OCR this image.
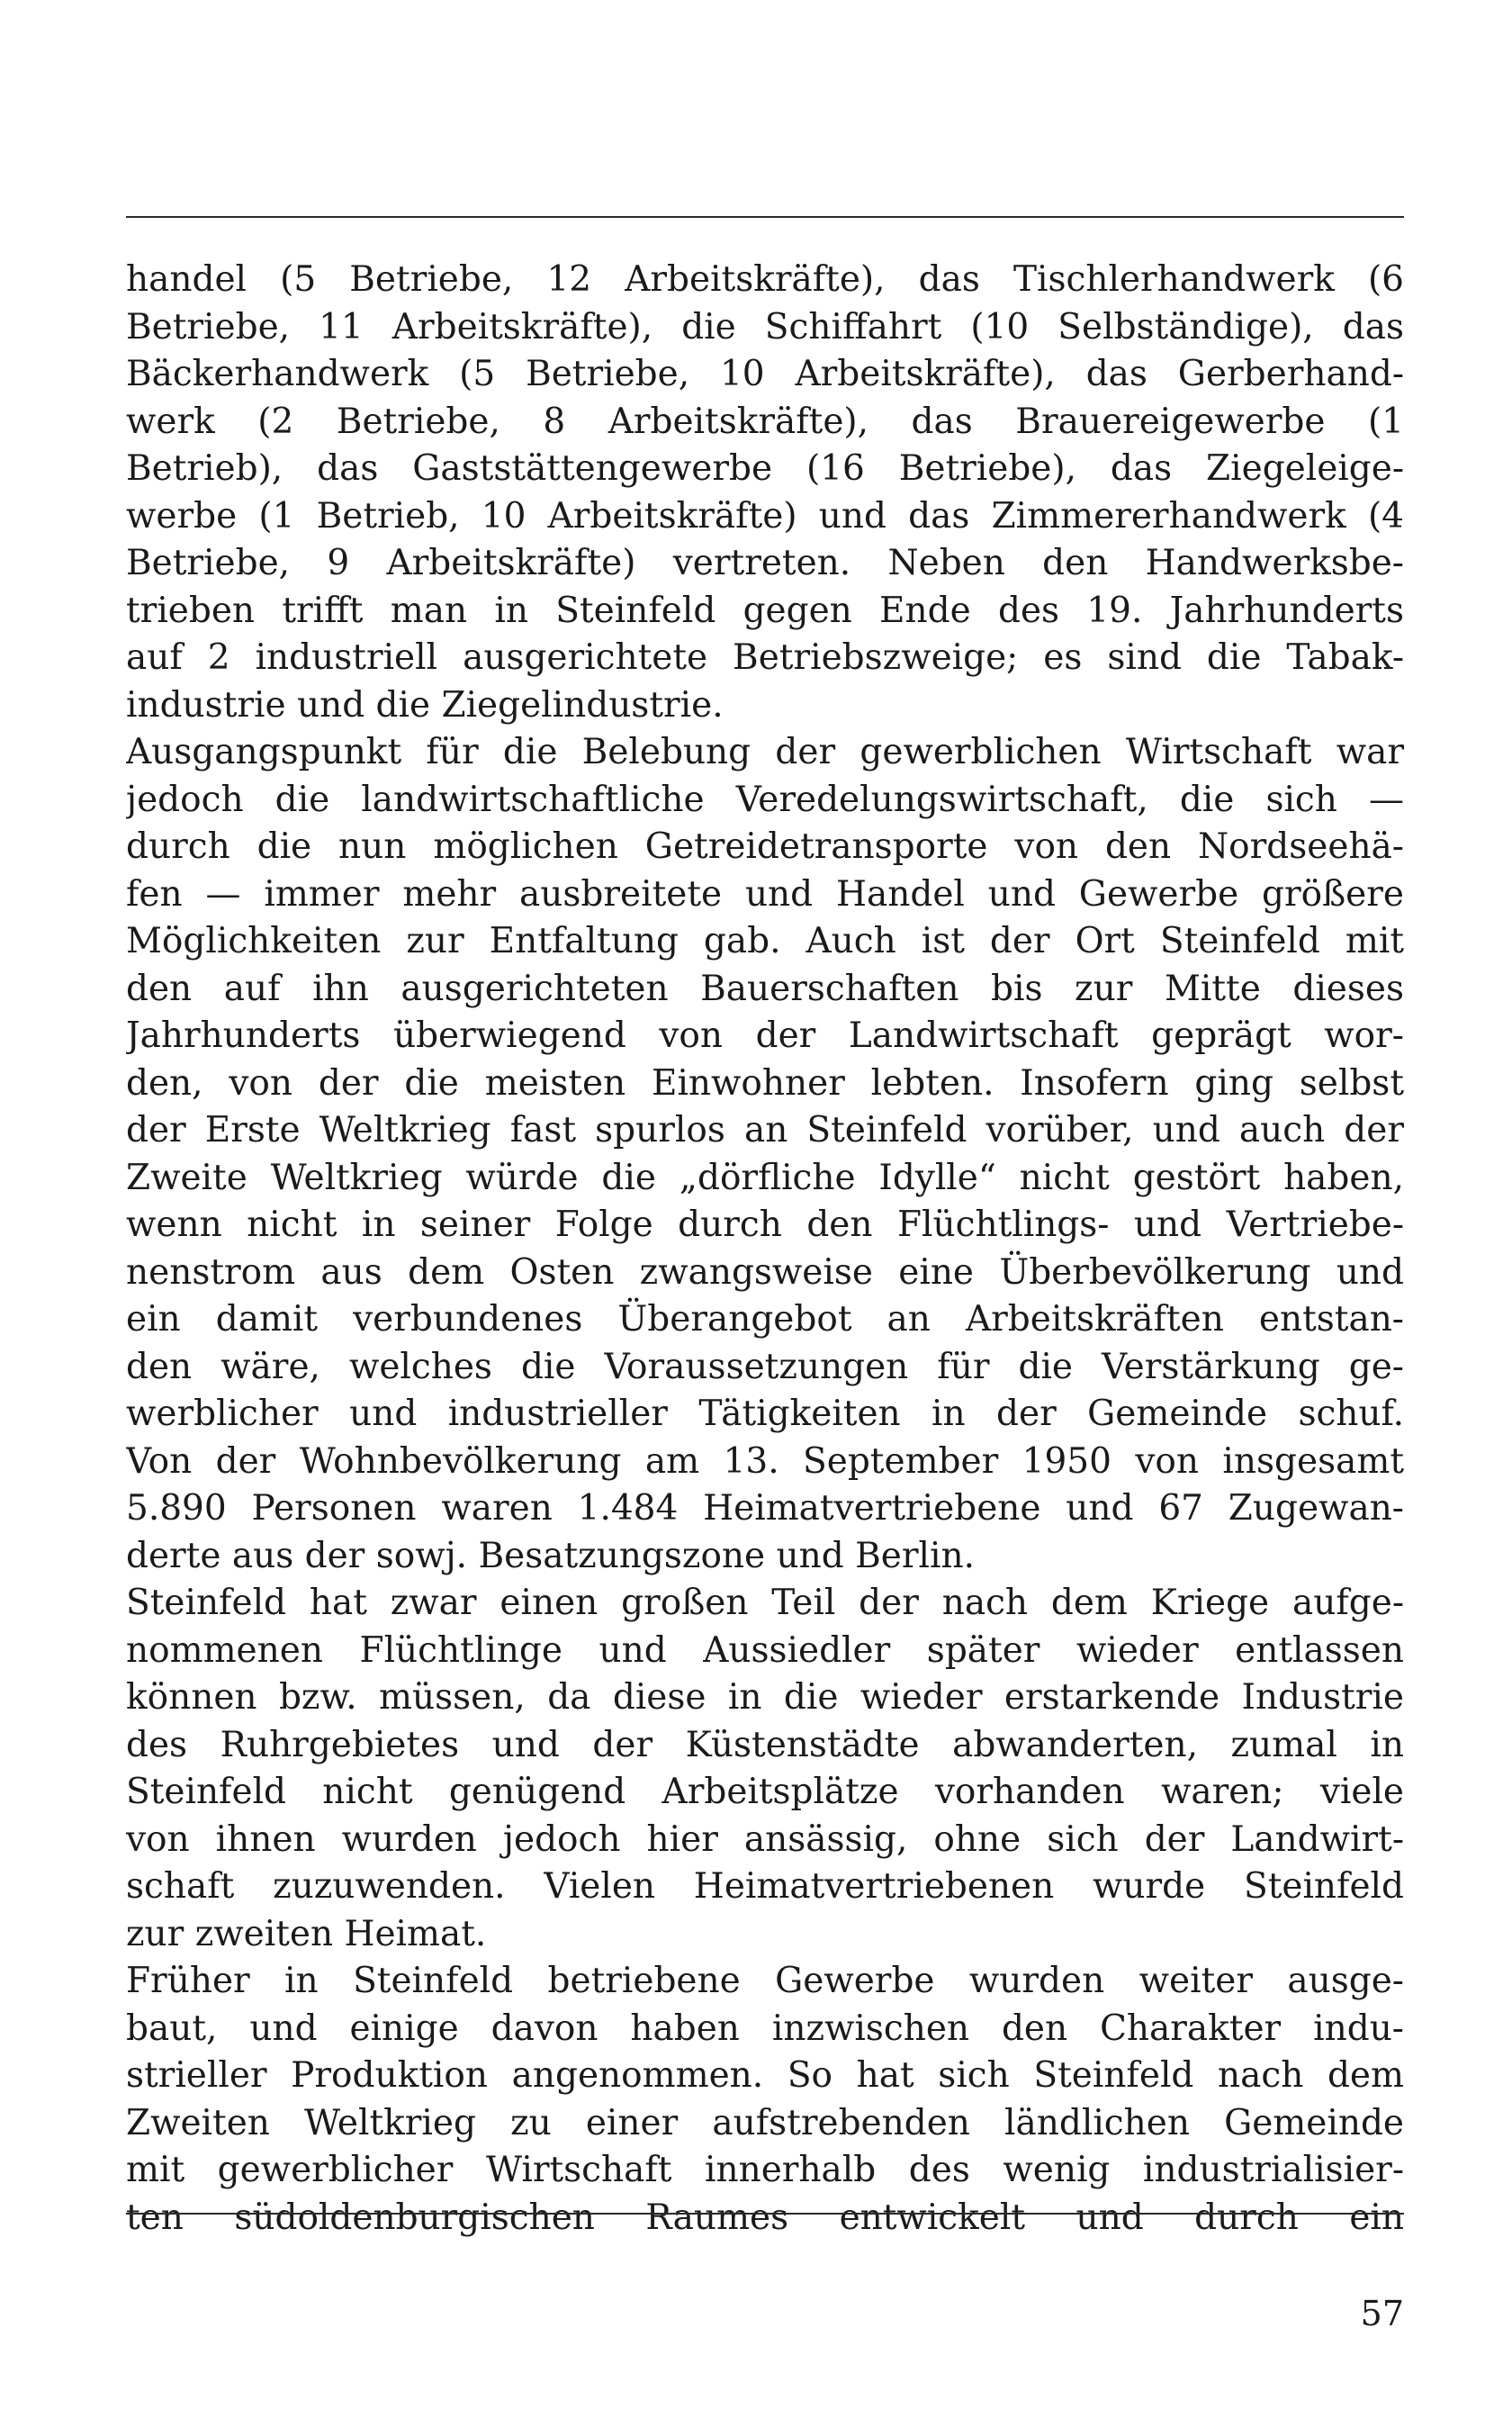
handel (5 Betriebe, 12 Arbeitskräfte), das Tischlerhandwerk (6
Betriebe, 11 Arbeitskräfte), die Schiffahrt (10 Selbständige), das
Bäckerhandwerk (5 Betriebe, 10 Arbeitskräfte), das Gerberhand-
werk (2 Betriebe, 8 Arbeitskräfte), das Brauereigewerbe (1
Betrieb), das Gaststättengewerbe (16 Betriebe), das Ziegeleige-
werbe (1 Betrieb, 10 Arbeitskräfte) und das Zimmererhandwerk (4
Betriebe, 9 Arbeitskräfte) vertreten. Neben den Handwerksbe-
trieben trifft man in Steinfeld gegen Ende des 19. Jahrhunderts
auf 2 industriell ausgerichtete Betriebszweige; es sind die Tabak-
industrie und die Ziegelindustrie.
Ausgangspunkt für die Belebung der gewerblichen Wirtschaft war
jedoch die landwirtschaftliche Veredelungswirtschaft, die sich —
durch die nun möglichen Getreidetransporte von den Nordseehä-
fen — immer mehr ausbreitete und Handel und Gewerbe größere
Möglichkeiten zur Entfaltung gab. Auch ist der Ort Steinfeld mit
den auf ihn ausgerichteten Bauerschaften bis zur Mitte dieses
Jahrhunderts überwiegend von der Landwirtschaft geprägt wor-
den, von der die meisten Einwohner lebten. Insofern ging selbst
der Erste Weltkrieg fast spurlos an Steinfeld vorüber, und auch der
Zweite Weltkrieg würde die „dörfliche Idylle“ nicht gestört haben,
wenn nicht in seiner Folge durch den Flüchtlings- und Vertriebe-
nenstrom aus dem Osten zwangsweise eine Überbevölkerung und
ein damit verbundenes Überangebot an Arbeitskräften entstan-
den wäre, welches die Voraussetzungen für die Verstärkung ge-
werblicher und industrieller Tätigkeiten in der Gemeinde schuf.
Von der Wohnbevölkerung am 13. September 1950 von insgesamt
5.890 Personen waren 1.484 Heimatvertriebene und 67 Zugewan-
derte aus der sowj. Besatzungszone und Berlin.
Steinfeld hat zwar einen großen Teil der nach dem Kriege aufge-
nommenen Flüchtlinge und Aussiedler später wieder entlassen
können bzw. müssen, da diese in die wieder erstarkende Industrie
des Ruhrgebietes und der Küstenstädte abwanderten, zumal in
Steinfeld nicht genügend Arbeitsplätze vorhanden waren; viele
von ihnen wurden jedoch hier ansässig, ohne sich der Landwirt-
schaft zuzuwenden. Vielen Heimatvertriebenen wurde Steinfeld
zur zweiten Heimat.
Früher in Steinfeld betriebene Gewerbe wurden weiter ausge-
baut, und einige davon haben inzwischen den Charakter indu-
strieller Produktion angenommen. So hat sich Steinfeld nach dem
Zweiten Weltkrieg zu einer aufstrebenden ländlichen Gemeinde
mit gewerblicher Wirtschaft innerhalb des wenig industrialisier-
ten südoldenburgischen Raumes entwickelt und durch ein
57
